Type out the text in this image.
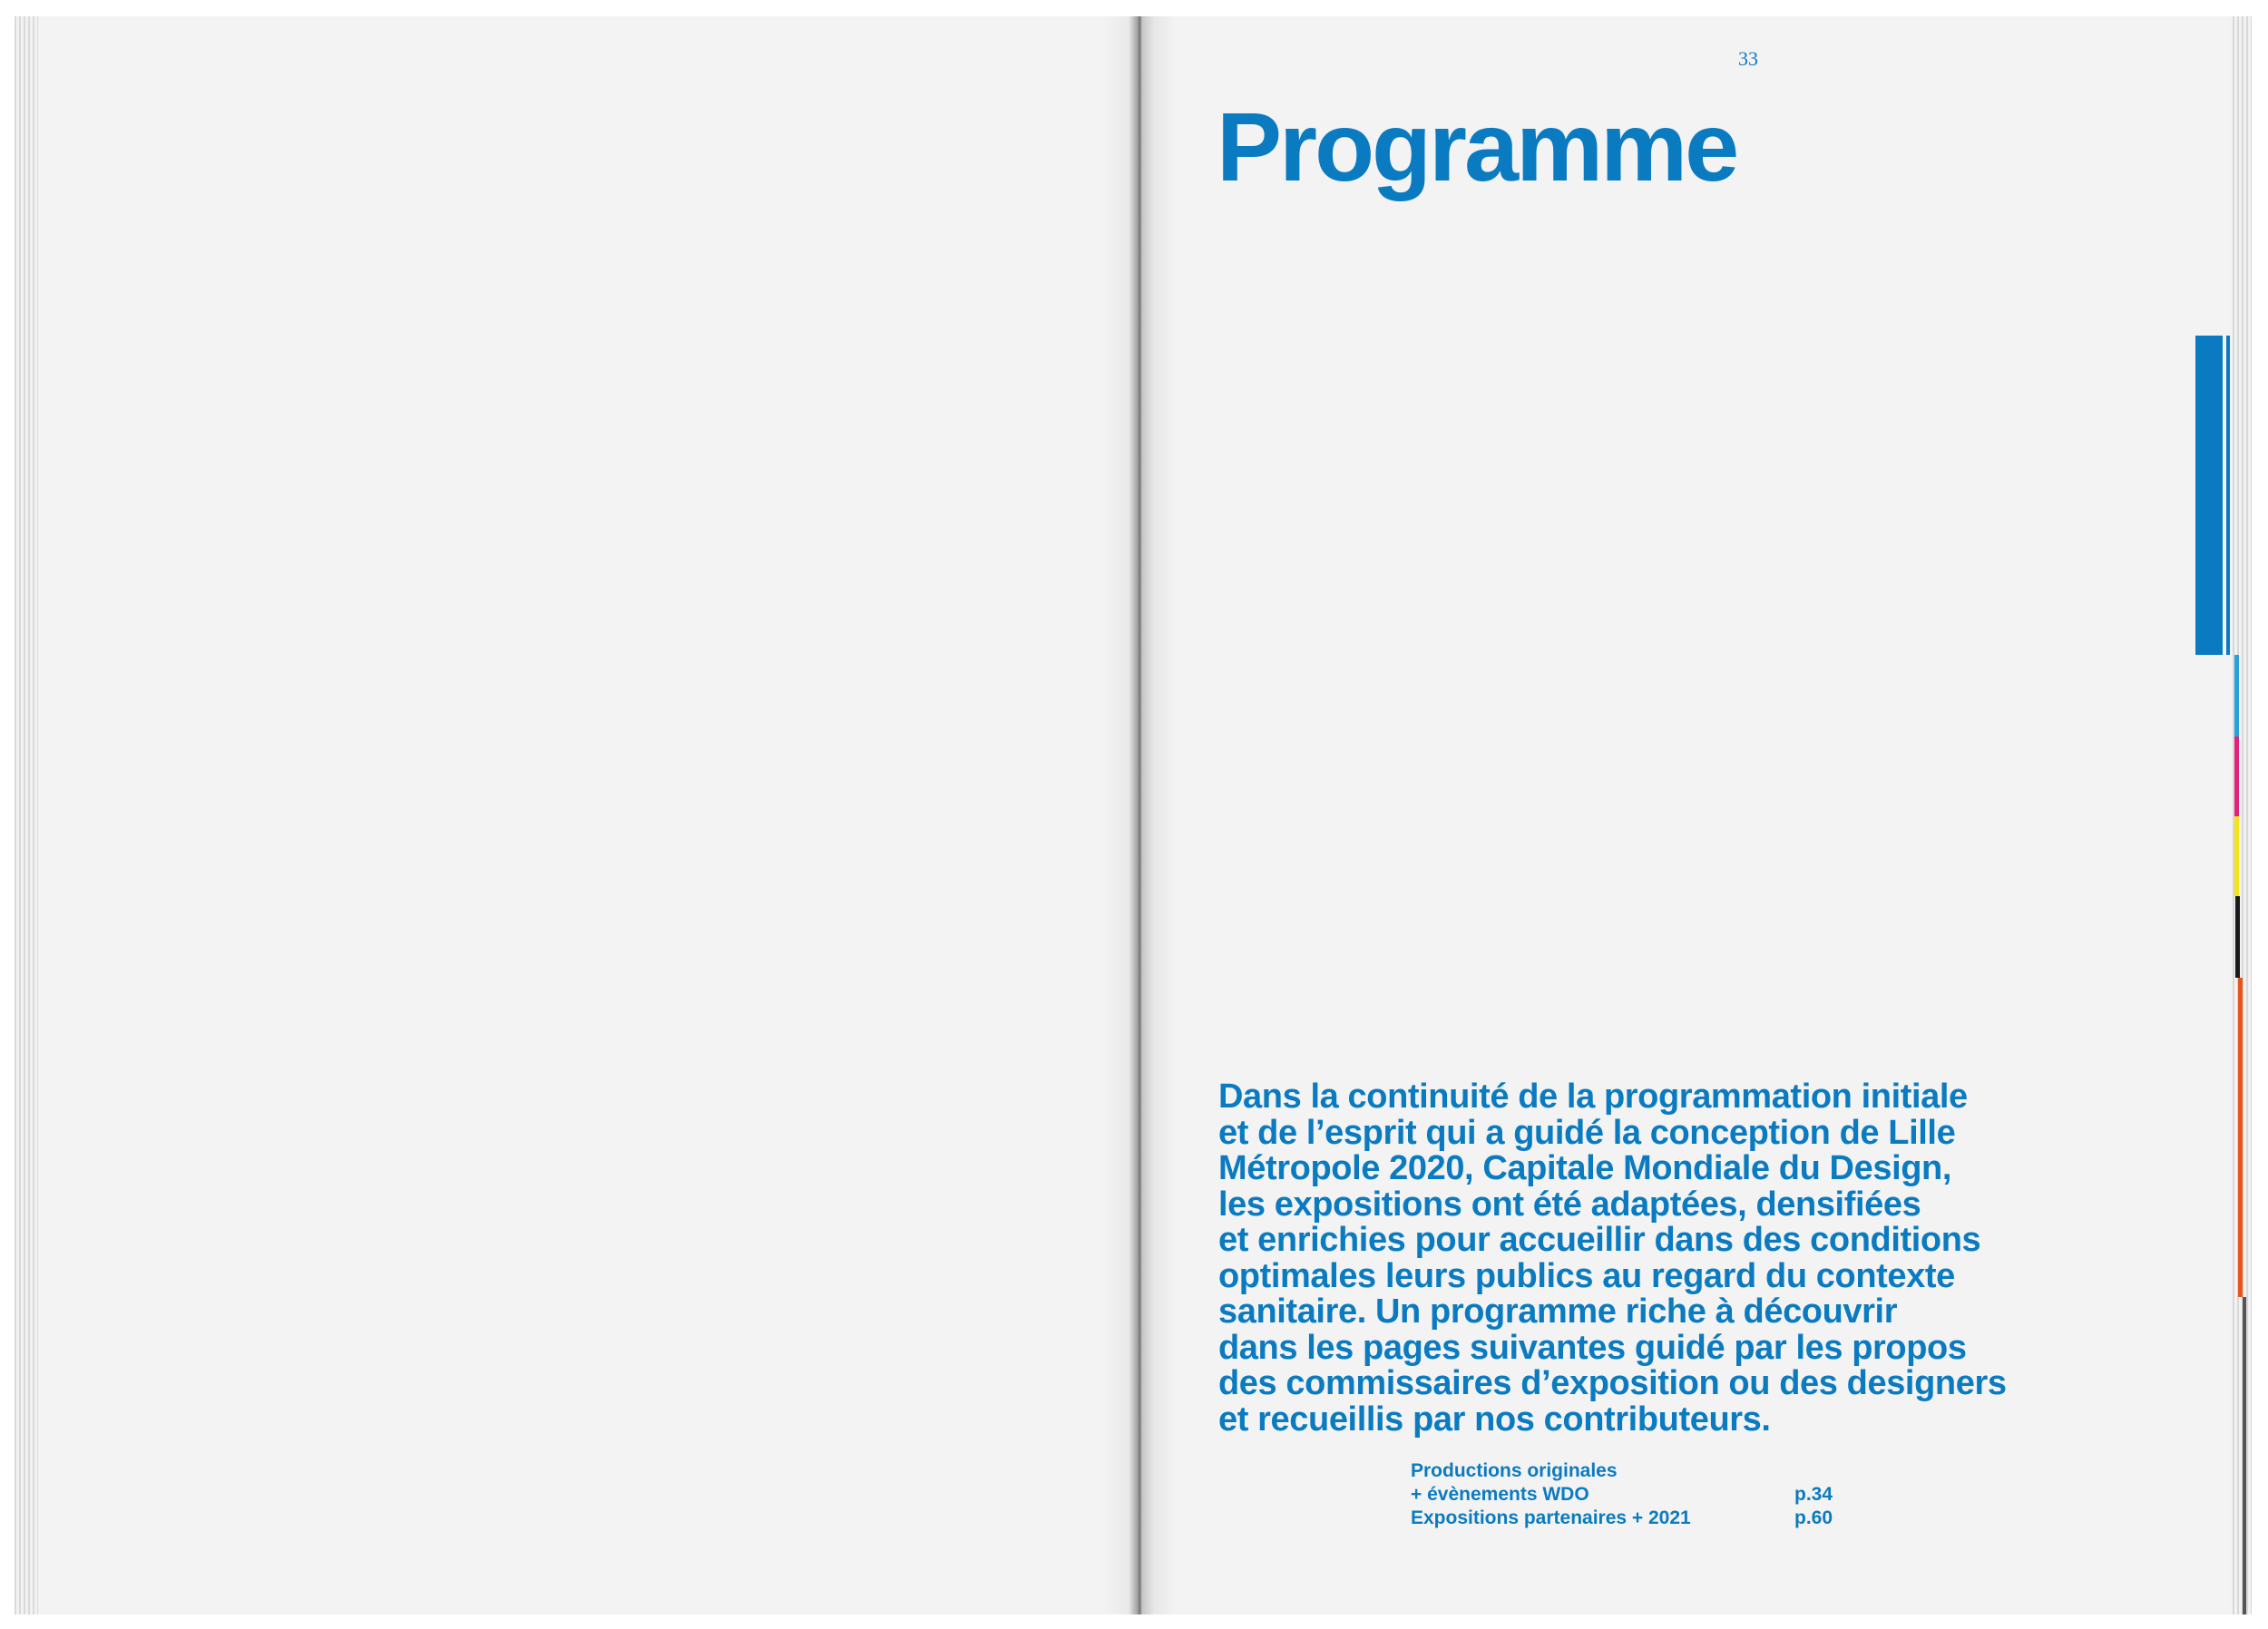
33
Programme

Dans la continuité de la programmation initiale
et de l’esprit qui a guidé la conception de Lille
Métropole 2020, Capitale Mondiale du Design,
les expositions ont été adaptées, densifiées
et enrichies pour accueillir dans des conditions
optimales leurs publics au regard du contexte
sanitaire. Un programme riche à découvrir
dans les pages suivantes guidé par les propos
des commissaires d’exposition ou des designers
et recueillis par nos contributeurs.

Productions originales
+ évènements WDO	p.34
Expositions partenaires + 2021	p.60
